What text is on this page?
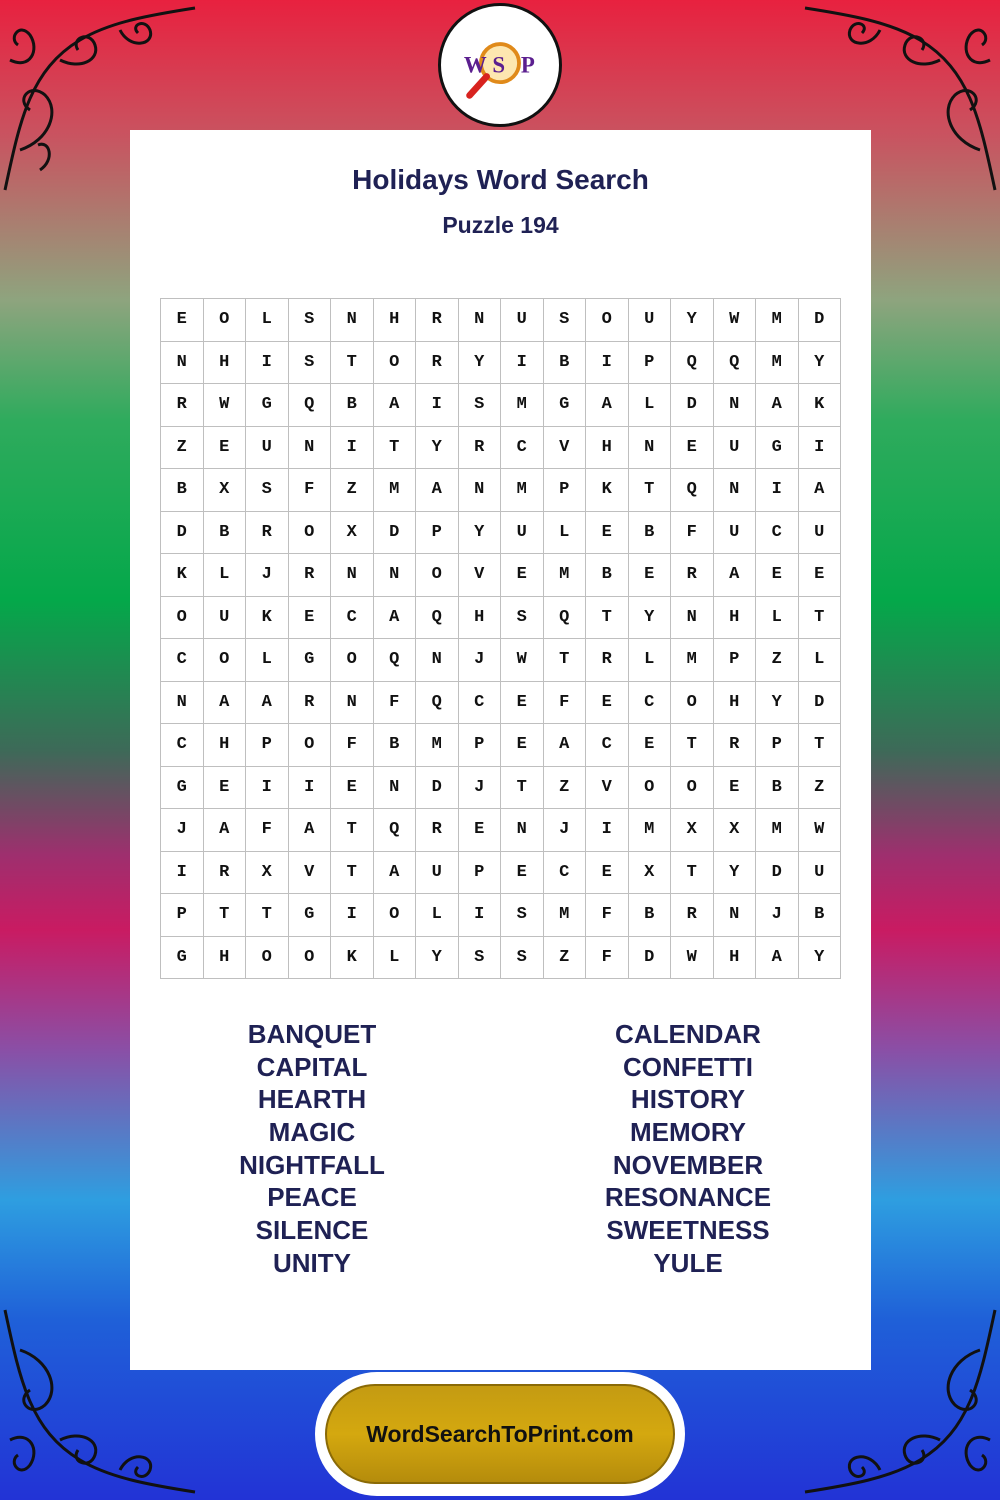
W S P
Holidays Word Search
Puzzle 194
E	O	L	S	N	H	R	N	U	S	O	U	Y	W	M	D
N	H	I	S	T	O	R	Y	I	B	I	P	Q	Q	M	Y
R	W	G	Q	B	A	I	S	M	G	A	L	D	N	A	K
Z	E	U	N	I	T	Y	R	C	V	H	N	E	U	G	I
B	X	S	F	Z	M	A	N	M	P	K	T	Q	N	I	A
D	B	R	O	X	D	P	Y	U	L	E	B	F	U	C	U
K	L	J	R	N	N	O	V	E	M	B	E	R	A	E	E
O	U	K	E	C	A	Q	H	S	Q	T	Y	N	H	L	T
C	O	L	G	O	Q	N	J	W	T	R	L	M	P	Z	L
N	A	A	R	N	F	Q	C	E	F	E	C	O	H	Y	D
C	H	P	O	F	B	M	P	E	A	C	E	T	R	P	T
G	E	I	I	E	N	D	J	T	Z	V	O	O	E	B	Z
J	A	F	A	T	Q	R	E	N	J	I	M	X	X	M	W
I	R	X	V	T	A	U	P	E	C	E	X	T	Y	D	U
P	T	T	G	I	O	L	I	S	M	F	B	R	N	J	B
G	H	O	O	K	L	Y	S	S	Z	F	D	W	H	A	Y
BANQUET
CAPITAL
HEARTH
MAGIC
NIGHTFALL
PEACE
SILENCE
UNITY
CALENDAR
CONFETTI
HISTORY
MEMORY
NOVEMBER
RESONANCE
SWEETNESS
YULE
WordSearchToPrint.com
